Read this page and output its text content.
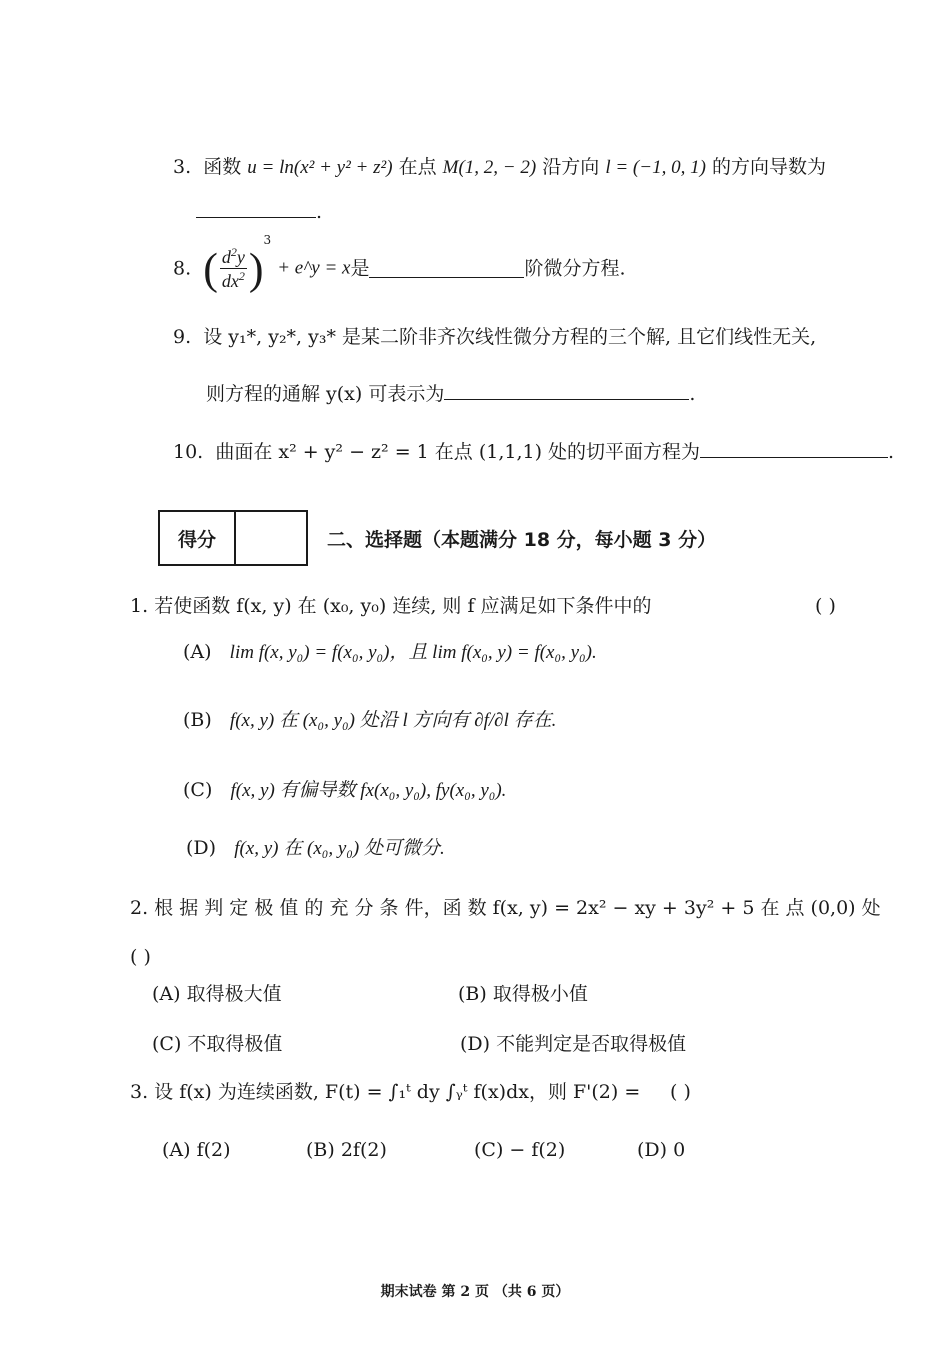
3. 函数 u = ln(x² + y² + z²) 在点 M(1, 2, − 2) 沿方向 l = (−1, 0, 1) 的方向导数为
.
8. ( $\frac{d^2y}{dx^2} )^3$ + e^y = x是	阶微分方程.
9. 设 y₁*, y₂*, y₃* 是某二阶非齐次线性微分方程的三个解, 且它们线性无关,
则方程的通解 y(x) 可表示为	.
10. 曲面在 x² + y² − z² = 1 在点 (1,1,1) 处的切平面方程为	.
得分	二、选择题（本题满分 18 分，每小题 3 分）
1. 若使函数 f(x, y) 在 (x₀, y₀) 连续, 则 f 应满足如下条件中的	( )
(A) lim f(x, y₀) = f(x₀, y₀)，且 lim f(x₀, y) = f(x₀, y₀).
(B) f(x, y) 在 (x₀, y₀) 处沿 l 方向有 ∂f/∂l 存在.
(C) f(x, y) 有偏导数 fx(x₀, y₀), fy(x₀, y₀).
(D) f(x, y) 在 (x₀, y₀) 处可微分.
2. 根 据 判 定 极 值 的 充 分 条 件，函 数 f(x, y) = 2x² − xy + 3y² + 5 在 点 (0,0) 处
( )
(A) 取得极大值	(B) 取得极小值
(C) 不取得极值	(D) 不能判定是否取得极值
3. 设 f(x) 为连续函数, F(t) = ∫₁ᵗ dy ∫ᵧᵗ f(x)dx，则 F'(2) = ( )
(A) f(2)	(B) 2f(2)	(C) − f(2)	(D) 0
期末试卷 第 2 页 （共 6 页）
